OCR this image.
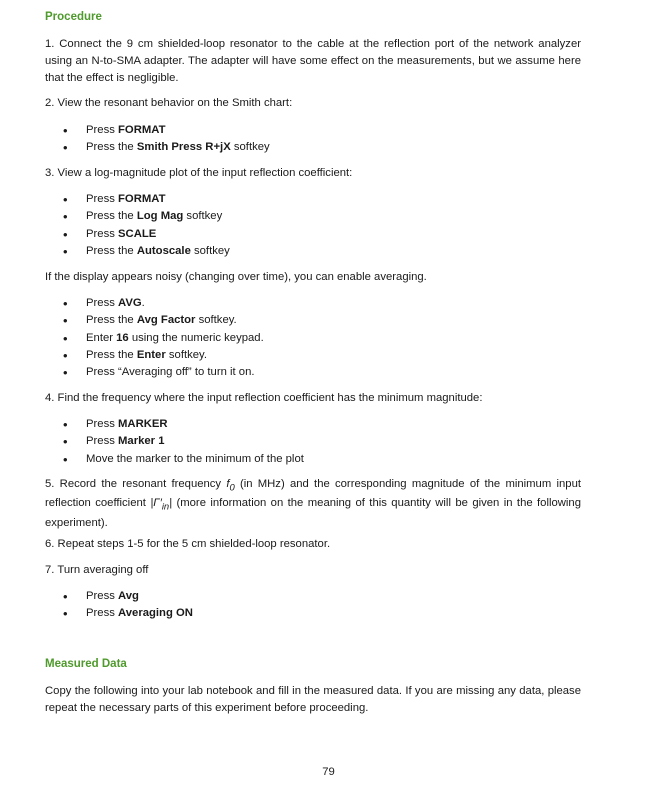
Procedure
1. Connect the 9 cm shielded-loop resonator to the cable at the reflection port of the network analyzer using an N-to-SMA adapter. The adapter will have some effect on the measurements, but we assume here that the effect is negligible.
2. View the resonant behavior on the Smith chart:
• Press FORMAT
• Press the Smith Press R+jX softkey
3. View a log-magnitude plot of the input reflection coefficient:
• Press FORMAT
• Press the Log Mag softkey
• Press SCALE
• Press the Autoscale softkey
If the display appears noisy (changing over time), you can enable averaging.
• Press AVG.
• Press the Avg Factor softkey.
• Enter 16 using the numeric keypad.
• Press the Enter softkey.
• Press “Averaging off” to turn it on.
4. Find the frequency where the input reflection coefficient has the minimum magnitude:
• Press MARKER
• Press Marker 1
• Move the marker to the minimum of the plot
5. Record the resonant frequency $f_0$ (in MHz) and the corresponding magnitude of the minimum input reflection coefficient $|\Gamma'_{in}|$ (more information on the meaning of this quantity will be given in the following experiment).
6. Repeat steps 1-5 for the 5 cm shielded-loop resonator.
7. Turn averaging off
• Press Avg
• Press Averaging ON
Measured Data
Copy the following into your lab notebook and fill in the measured data. If you are missing any data, please repeat the necessary parts of this experiment before proceeding.
79
